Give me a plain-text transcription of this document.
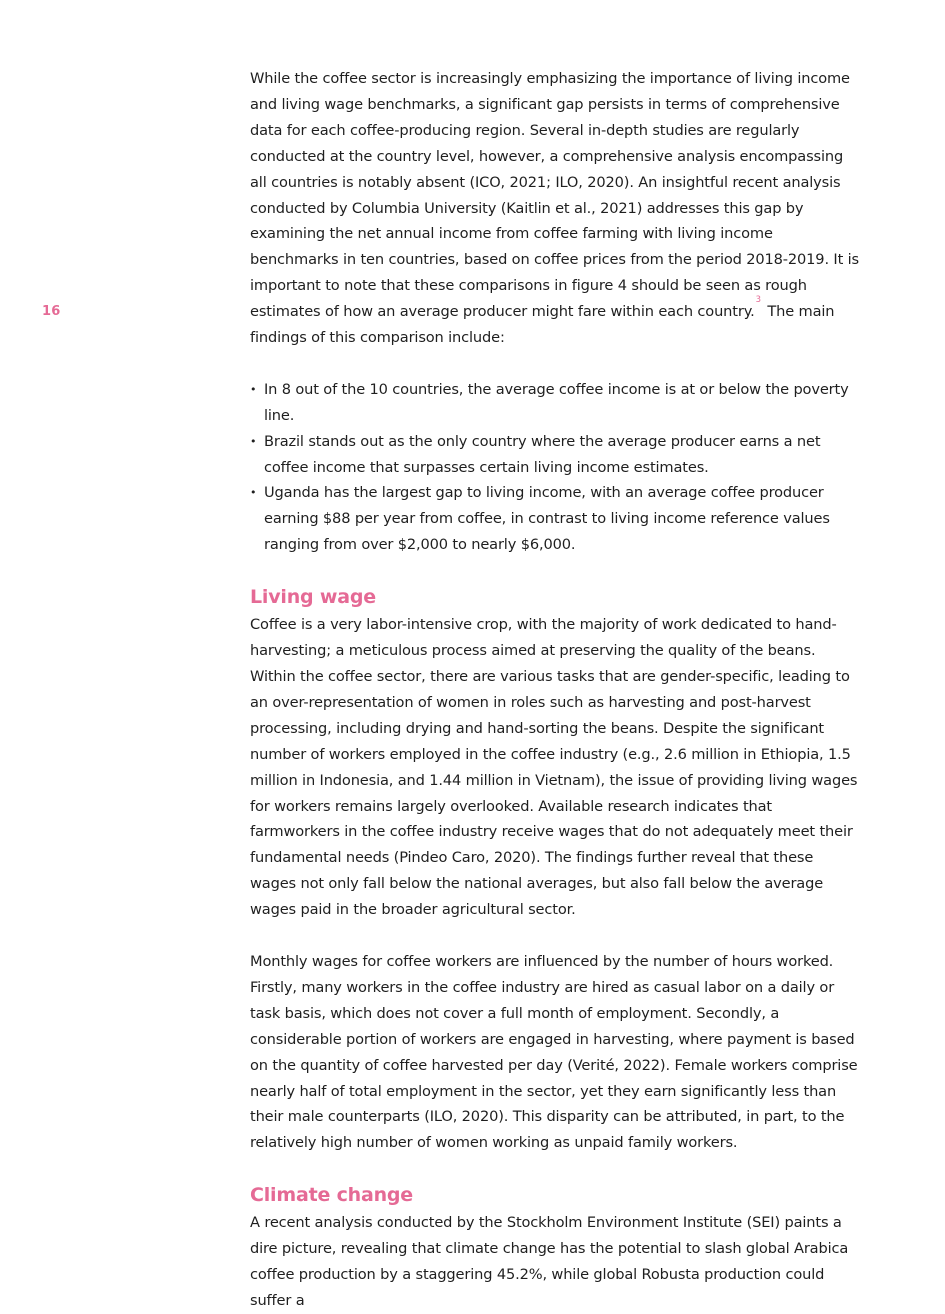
16

While the coffee sector is increasingly emphasizing the importance of living income and living wage benchmarks, a significant gap persists in terms of comprehensive data for each coffee-producing region. Several in-depth studies are regularly conducted at the country level, however, a comprehensive analysis encompassing all countries is notably absent (ICO, 2021; ILO, 2020). An insightful recent analysis conducted by Columbia University (Kaitlin et al., 2021) addresses this gap by examining the net annual income from coffee farming with living income benchmarks in ten countries, based on coffee prices from the period 2018-2019. It is important to note that these comparisons in figure 4 should be seen as rough estimates of how an average producer might fare within each country.$^3$ The main findings of this comparison include:

• In 8 out of the 10 countries, the average coffee income is at or below the poverty line.
• Brazil stands out as the only country where the average producer earns a net coffee income that surpasses certain living income estimates.
• Uganda has the largest gap to living income, with an average coffee producer earning $88 per year from coffee, in contrast to living income reference values ranging from over $2,000 to nearly $6,000.
Living wage

Coffee is a very labor-intensive crop, with the majority of work dedicated to hand-harvesting; a meticulous process aimed at preserving the quality of the beans. Within the coffee sector, there are various tasks that are gender-specific, leading to an over-representation of women in roles such as harvesting and post-harvest processing, including drying and hand-sorting the beans. Despite the significant number of workers employed in the coffee industry (e.g., 2.6 million in Ethiopia, 1.5 million in Indonesia, and 1.44 million in Vietnam), the issue of providing living wages for workers remains largely overlooked. Available research indicates that farmworkers in the coffee industry receive wages that do not adequately meet their fundamental needs (Pindeo Caro, 2020). The findings further reveal that these wages not only fall below the national averages, but also fall below the average wages paid in the broader agricultural sector.

Monthly wages for coffee workers are influenced by the number of hours worked. Firstly, many workers in the coffee industry are hired as casual labor on a daily or task basis, which does not cover a full month of employment. Secondly, a considerable portion of workers are engaged in harvesting, where payment is based on the quantity of coffee harvested per day (Verité, 2022). Female workers comprise nearly half of total employment in the sector, yet they earn significantly less than their male counterparts (ILO, 2020). This disparity can be attributed, in part, to the relatively high number of women working as unpaid family workers.

Climate change

A recent analysis conducted by the Stockholm Environment Institute (SEI) paints a dire picture, revealing that climate change has the potential to slash global Arabica coffee production by a staggering 45.2%, while global Robusta production could suffer a
